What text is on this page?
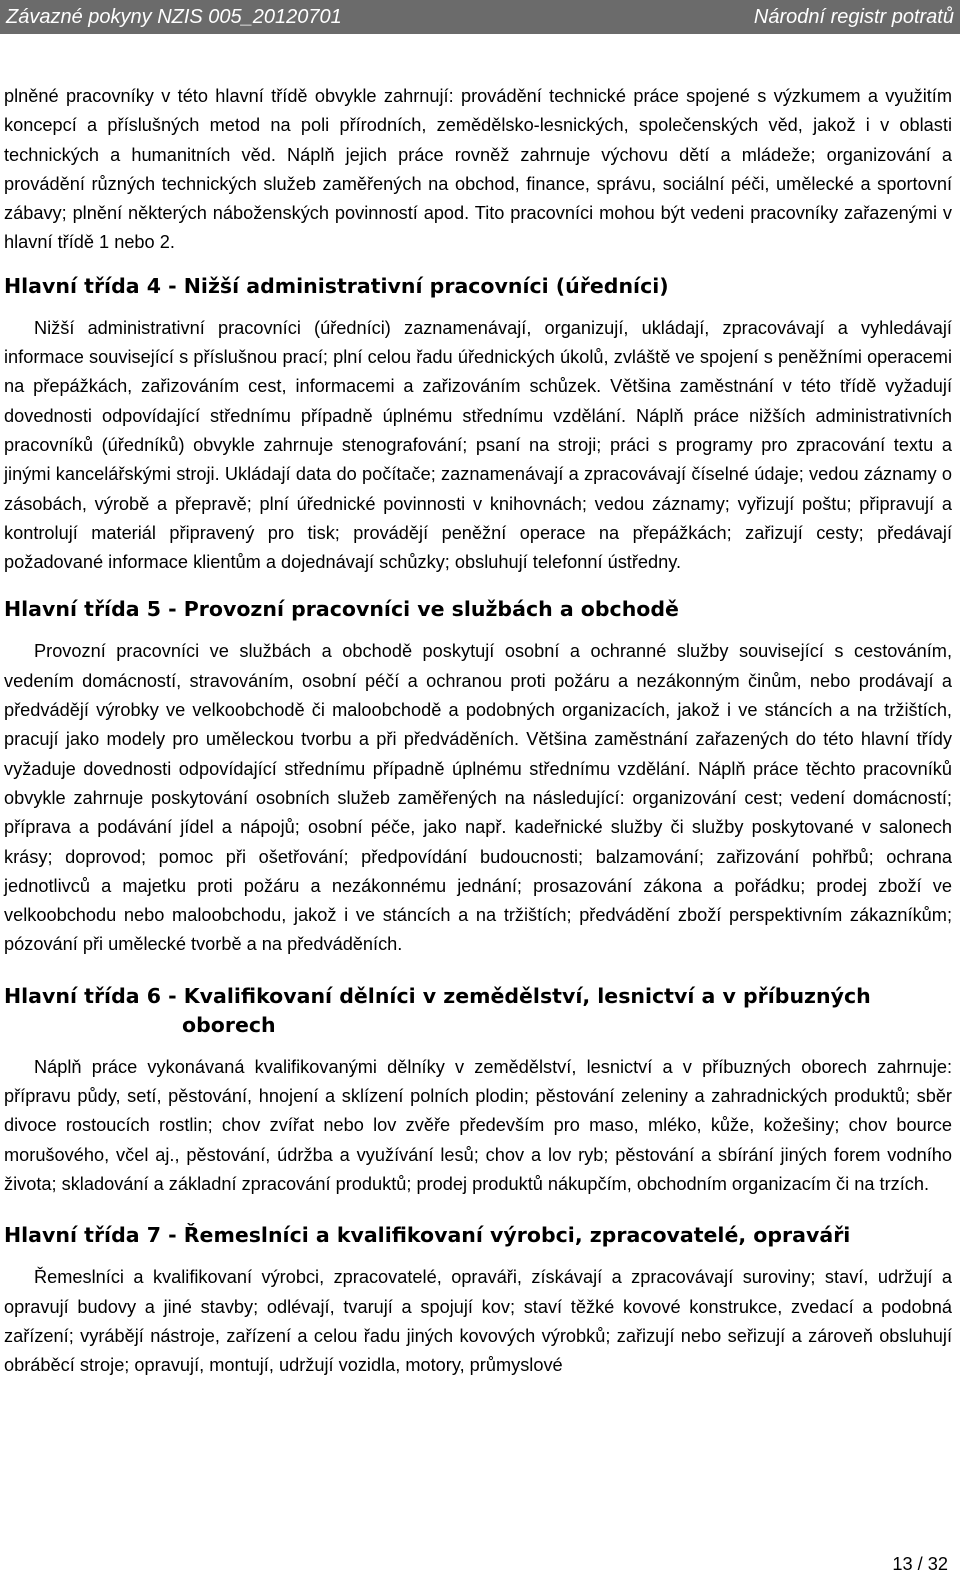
Závazné pokyny NZIS 005_20120701	Národní registr potratů

plněné pracovníky v této hlavní třídě obvykle zahrnují: provádění technické práce spojené s výzkumem a využitím koncepcí a příslušných metod na poli přírodních, zemědělsko-lesnických, společenských věd, jakož i v oblasti technických a humanitních věd. Náplň jejich práce rovněž zahrnuje výchovu dětí a mládeže; organizování a provádění různých technických služeb zaměřených na obchod, finance, správu, sociální péči, umělecké a sportovní zábavy; plnění některých náboženských povinností apod. Tito pracovníci mohou být vedeni pracovníky zařazenými v hlavní třídě 1 nebo 2.

Hlavní třída 4 - Nižší administrativní pracovníci (úředníci)

Nižší administrativní pracovníci (úředníci) zaznamenávají, organizují, ukládají, zpracovávají a vyhledávají informace související s příslušnou prací; plní celou řadu úřednických úkolů, zvláště ve spojení s peněžními operacemi na přepážkách, zařizováním cest, informacemi a zařizováním schůzek. Většina zaměstnání v této třídě vyžadují dovednosti odpovídající střednímu případně úplnému střednímu vzdělání. Náplň práce nižších administrativních pracovníků (úředníků) obvykle zahrnuje stenografování; psaní na stroji; práci s programy pro zpracování textu a jinými kancelářskými stroji. Ukládají data do počítače; zaznamenávají a zpracovávají číselné údaje; vedou záznamy o zásobách, výrobě a přepravě; plní úřednické povinnosti v knihovnách; vedou záznamy; vyřizují poštu; připravují a kontrolují materiál připravený pro tisk; provádějí peněžní operace na přepážkách; zařizují cesty; předávají požadované informace klientům a dojednávají schůzky; obsluhují telefonní ústředny.

Hlavní třída 5 - Provozní pracovníci ve službách a obchodě

Provozní pracovníci ve službách a obchodě poskytují osobní a ochranné služby související s cestováním, vedením domácností, stravováním, osobní péčí a ochranou proti požáru a nezákonným činům, nebo prodávají a předvádějí výrobky ve velkoobchodě či maloobchodě a podobných organizacích, jakož i ve stáncích a na tržištích, pracují jako modely pro uměleckou tvorbu a při předváděních. Většina zaměstnání zařazených do této hlavní třídy vyžaduje dovednosti odpovídající střednímu případně úplnému střednímu vzdělání. Náplň práce těchto pracovníků obvykle zahrnuje poskytování osobních služeb zaměřených na následující: organizování cest; vedení domácností; příprava a podávání jídel a nápojů; osobní péče, jako např. kadeřnické služby či služby poskytované v salonech krásy; doprovod; pomoc při ošetřování; předpovídání budoucnosti; balzamování; zařizování pohřbů; ochrana jednotlivců a majetku proti požáru a nezákonnému jednání; prosazování zákona a pořádku; prodej zboží ve velkoobchodu nebo maloobchodu, jakož i ve stáncích a na tržištích; předvádění zboží perspektivním zákazníkům; pózování při umělecké tvorbě a na předváděních.

Hlavní třída 6 - Kvalifikovaní dělníci v zemědělství, lesnictví a v příbuzných oborech

Náplň práce vykonávaná kvalifikovanými dělníky v zemědělství, lesnictví a v příbuzných oborech zahrnuje: přípravu půdy, setí, pěstování, hnojení a sklízení polních plodin; pěstování zeleniny a zahradnických produktů; sběr divoce rostoucích rostlin; chov zvířat nebo lov zvěře především pro maso, mléko, kůže, kožešiny; chov bource morušového, včel aj., pěstování, údržba a využívání lesů; chov a lov ryb; pěstování a sbírání jiných forem vodního života; skladování a základní zpracování produktů; prodej produktů nákupčím, obchodním organizacím či na trzích.

Hlavní třída 7 - Řemeslníci a kvalifikovaní výrobci, zpracovatelé, opraváři

Řemeslníci a kvalifikovaní výrobci, zpracovatelé, opraváři, získávají a zpracovávají suroviny; staví, udržují a opravují budovy a jiné stavby; odlévají, tvarují a spojují kov; staví těžké kovové konstrukce, zvedací a podobná zařízení; vyrábějí nástroje, zařízení a celou řadu jiných kovových výrobků; zařizují nebo seřizují a zároveň obsluhují obráběcí stroje; opravují, montují, udržují vozidla, motory, průmyslové

13 / 32
